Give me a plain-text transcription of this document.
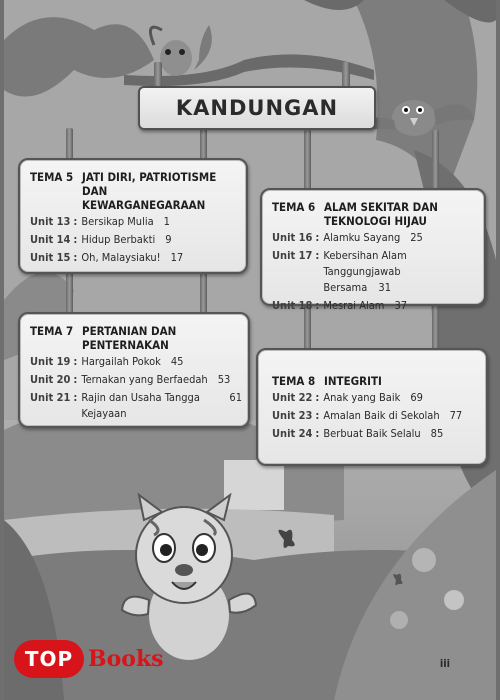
KANDUNGAN
TEMA 5 JATI DIRI, PATRIOTISME DAN
KEWARGANEGARAAN
Unit 13 : Bersikap Mulia 1
Unit 14 : Hidup Berbakti 9
Unit 15 : Oh, Malaysiaku! 17
TEMA 6 ALAM SEKITAR DAN
TEKNOLOGI HIJAU
Unit 16 : Alamku Sayang 25
Unit 17 : Kebersihan Alam Tanggungjawab
Bersama 31
Unit 18 : Mesrai Alam 37
TEMA 7 PERTANIAN DAN
PENTERNAKAN
Unit 19 : Hargailah Pokok 45
Unit 20 : Ternakan yang Berfaedah 53
Unit 21 : Rajin dan Usaha Tangga Kejayaan
61
TEMA 8 INTEGRITI
Unit 22 : Anak yang Baik 69
Unit 23 : Amalan Baik di Sekolah 77
Unit 24 : Berbuat Baik Selalu 85
iii
TOP Books
